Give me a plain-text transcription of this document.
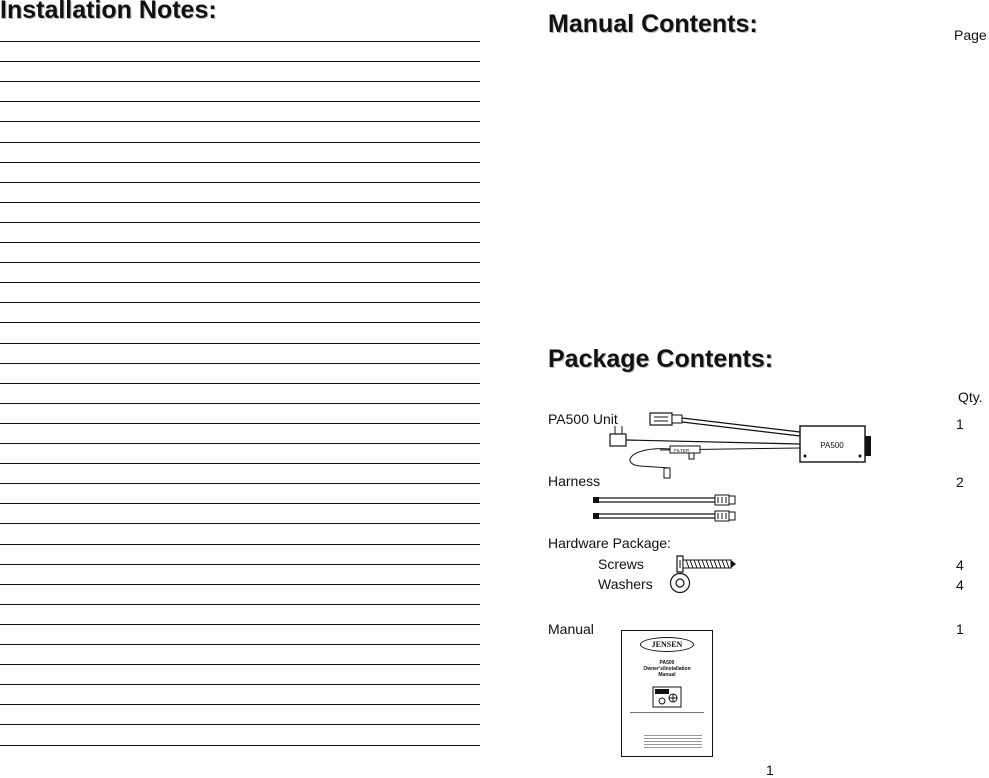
Installation Notes:	Manual Contents:	Page
Package Contents:
Qty.
PA500 Unit	1
FILTER
PA500
Harness	2
Hardware Package:
Screws	4
Washers	4
Manual	1
JENSEN
PA500
Owner's/Installation
Manual
1
